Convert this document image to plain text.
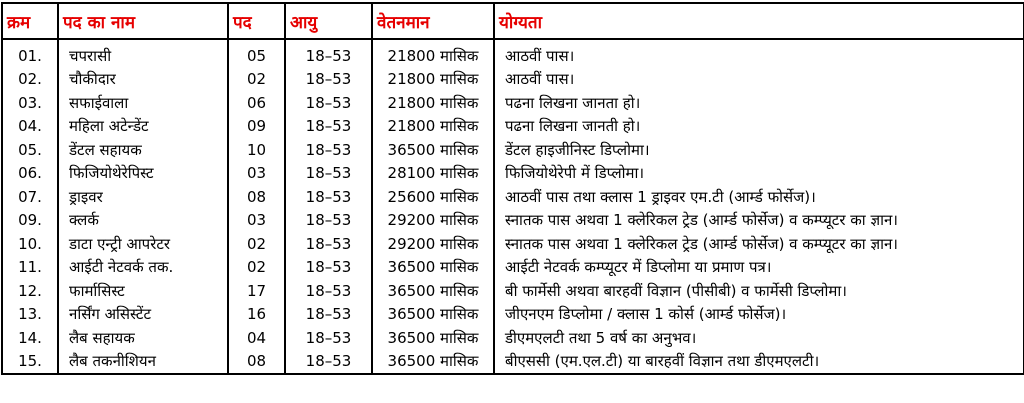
क्रम	पद का नाम	पद	आयु	वेतनमान	योग्यता
01.	चपरासी	05	18–53	21800 मासिक	आठवीं पास।
02.	चौकीदार	02	18–53	21800 मासिक	आठवीं पास।
03.	सफाईवाला	06	18–53	21800 मासिक	पढना लिखना जानता हो।
04.	महिला अटेन्डेंट	09	18–53	21800 मासिक	पढना लिखना जानती हो।
05.	डेंटल सहायक	10	18–53	36500 मासिक	डेंटल हाइजीनिस्ट डिप्लोमा।
06.	फिजियोथेरेपिस्ट	03	18–53	28100 मासिक	फिजियोथेरेपी में डिप्लोमा।
07.	ड्राइवर	08	18–53	25600 मासिक	आठवीं पास तथा क्लास 1 ड्राइवर एम.टी (आर्म्ड फोर्सेज)।
09.	क्लर्क	03	18–53	29200 मासिक	स्नातक पास अथवा 1 क्लेरिकल ट्रेड (आर्म्ड फोर्सेज) व कम्प्यूटर का ज्ञान।
10.	डाटा एन्ट्री आपरेटर	02	18–53	29200 मासिक	स्नातक पास अथवा 1 क्लेरिकल ट्रेड (आर्म्ड फोर्सेज) व कम्प्यूटर का ज्ञान।
11.	आईटी नेटवर्क तक.	02	18–53	36500 मासिक	आईटी नेटवर्क कम्प्यूटर में डिप्लोमा या प्रमाण पत्र।
12.	फार्मासिस्ट	17	18–53	36500 मासिक	बी फार्मेसी अथवा बारहवीं विज्ञान (पीसीबी) व फार्मेसी डिप्लोमा।
13.	नर्सिंग असिस्टेंट	16	18–53	36500 मासिक	जीएनएम डिप्लोमा / क्लास 1 कोर्स (आर्म्ड फोर्सेज)।
14.	लैब सहायक	04	18–53	36500 मासिक	डीएमएलटी तथा 5 वर्ष का अनुभव।
15.	लैब तकनीशियन	08	18–53	36500 मासिक	बीएससी (एम.एल.टी) या बारहवीं विज्ञान तथा डीएमएलटी।
